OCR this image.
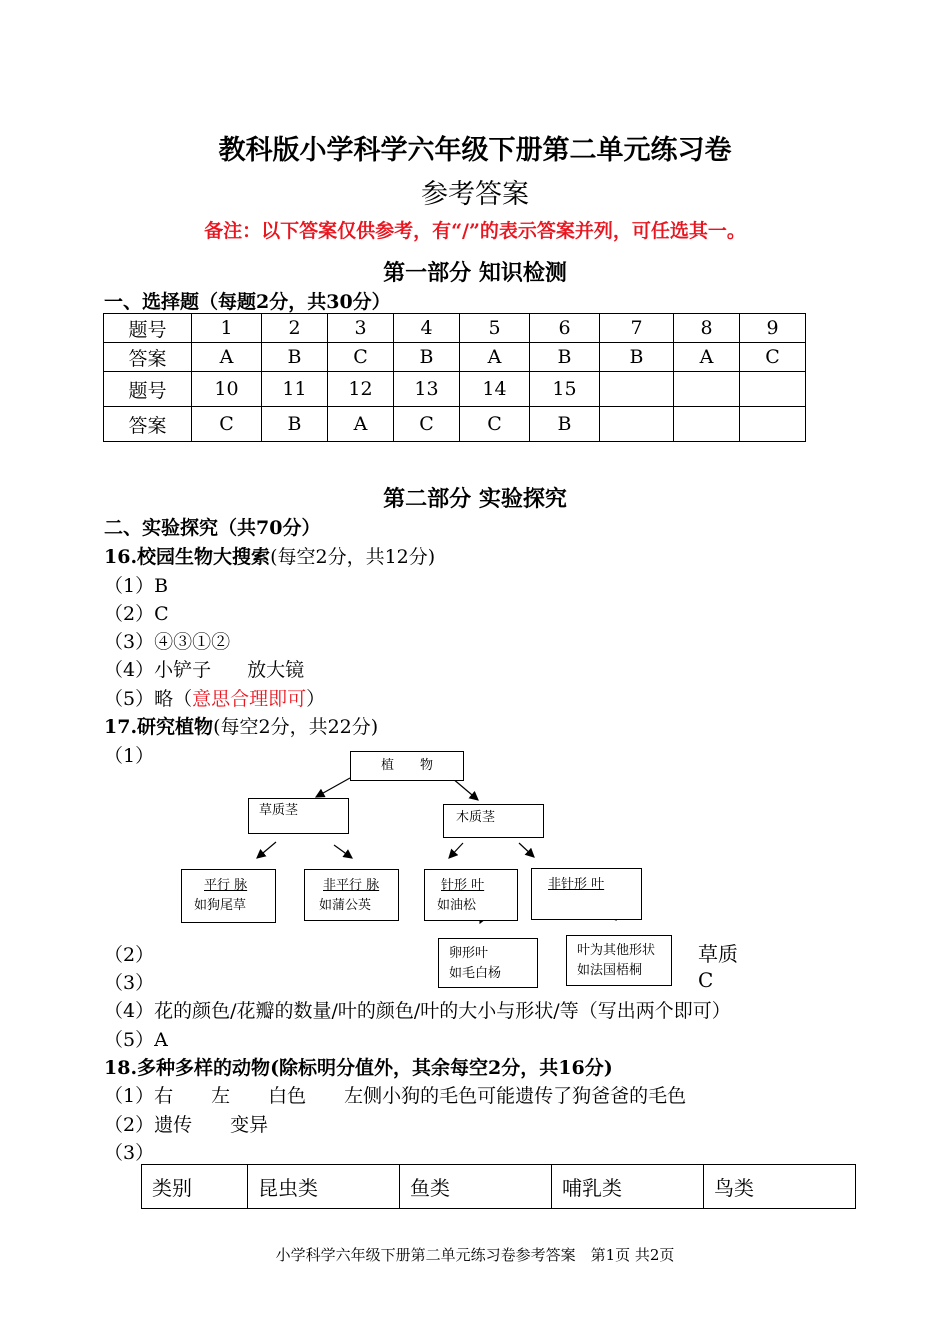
教科版小学科学六年级下册第二单元练习卷
参考答案
备注：以下答案仅供参考，有“/”的表示答案并列，可任选其一。
第一部分 知识检测
一、选择题（每题2分，共30分）
题号	1	2	3	4	5	6	7	8	9
答案	A	B	C	B	A	B	B	A	C
题号	10	11	12	13	14	15			
答案	C	B	A	C	C	B			
第二部分 实验探究
二、实验探究（共70分）
16.校园生物大搜索(每空2分，共12分)
（1）B
（2）C
（3）④③①②
（4）小铲子 放大镜
（5）略（意思合理即可）
17.研究植物(每空2分，共22分)
（1）	植　　物
草质茎	木质茎
平行 脉
如狗尾草
非平行 脉
如蒲公英
针形 叶
如油松
非针形 叶
卵形叶
如毛白杨
叶为其他形状
如法国梧桐
（2）	草质
（3）	C
（4）花的颜色/花瓣的数量/叶的颜色/叶的大小与形状/等（写出两个即可）
（5）A
18.多种多样的动物(除标明分值外，其余每空2分，共16分)
（1）右　　左　　白色　　左侧小狗的毛色可能遗传了狗爸爸的毛色
（2）遗传　　变异
（3）
类别	昆虫类	鱼类	哺乳类	鸟类
小学科学六年级下册第二单元练习卷参考答案　第1页 共2页
